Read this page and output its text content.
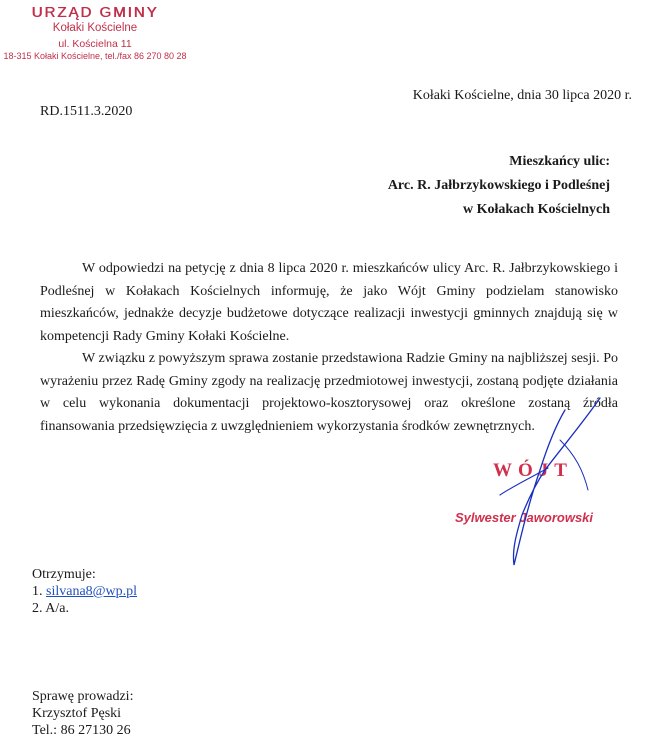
URZĄD GMINY
Kołaki Kościelne
ul. Kościelna 11
18-315 Kołaki Kościelne, tel./fax 86 270 80 28
Kołaki Kościelne, dnia 30 lipca 2020 r.
RD.1511.3.2020
Mieszkańcy ulic:
Arc. R. Jałbrzykowskiego i Podleśnej
w Kołakach Kościelnych

W odpowiedzi na petycję z dnia 8 lipca 2020 r. mieszkańców ulicy Arc. R. Jałbrzykowskiego i Podleśnej w Kołakach Kościelnych informuję, że jako Wójt Gminy podzielam stanowisko mieszkańców, jednakże decyzje budżetowe dotyczące realizacji inwestycji gminnych znajdują się w kompetencji Rady Gminy Kołaki Kościelne.

W związku z powyższym sprawa zostanie przedstawiona Radzie Gminy na najbliższej sesji. Po wyrażeniu przez Radę Gminy zgody na realizację przedmiotowej inwestycji, zostaną podjęte działania w celu wykonania dokumentacji projektowo-kosztorysowej oraz określone zostaną źródła finansowania przedsięwzięcia z uwzględnieniem wykorzystania środków zewnętrznych.

WÓJT
Sylwester Jaworowski
Otrzymuje:
1. silvana8@wp.pl
2. A/a.
Sprawę prowadzi:
Krzysztof Pęski
Tel.: 86 27130 26
